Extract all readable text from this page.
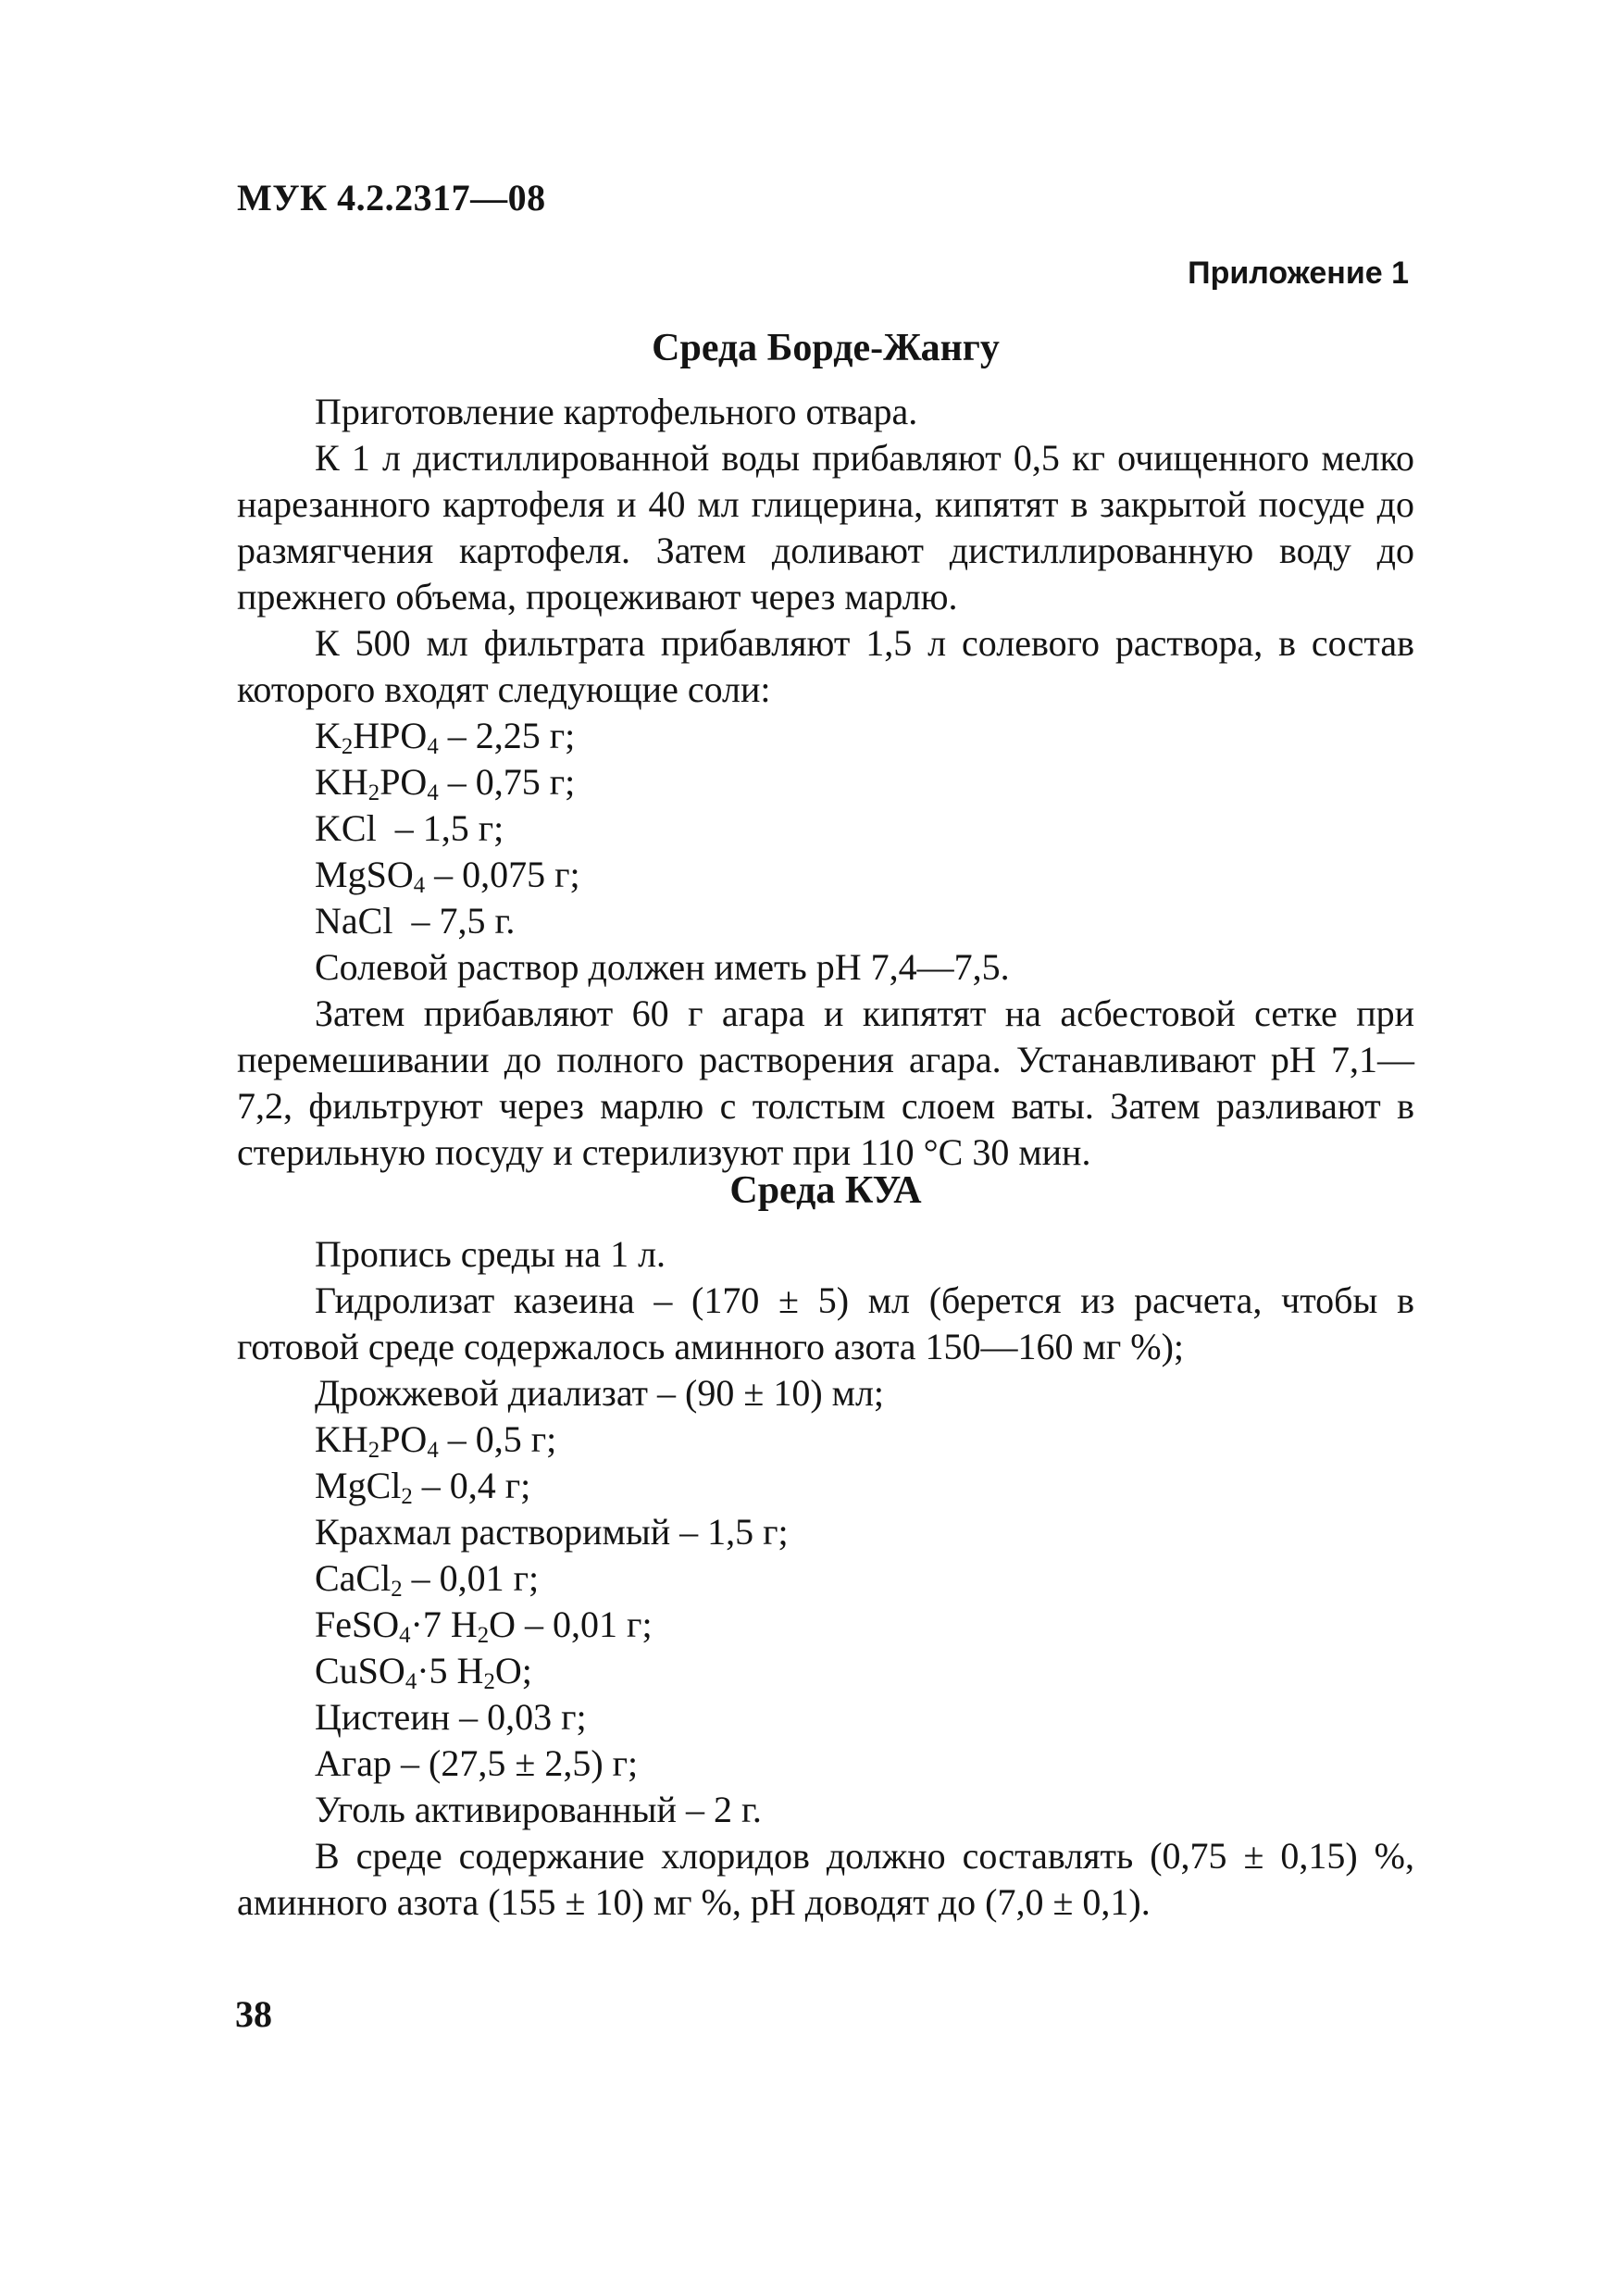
МУК 4.2.2317—08

Приложение 1

Среда Борде-Жангу

Приготовление картофельного отвара.

К 1 л дистиллированной воды прибавляют 0,5 кг очищенного мелко нарезанного картофеля и 40 мл глицерина, кипятят в закрытой посуде до размягчения картофеля. Затем доливают дистиллированную воду до прежнего объема, процеживают через марлю.

К 500 мл фильтрата прибавляют 1,5 л солевого раствора, в состав которого входят следующие соли:

$K_2HPO_4 - 2,25$ г;
$KH_2PO_4 - 0,75$ г;
KCl  – 1,5 г;
MgSO$_4$ – 0,075 г;
NaCl  – 7,5 г.

Солевой раствор должен иметь pH 7,4—7,5.

Затем прибавляют 60 г агара и кипятят на асбестовой сетке при перемешивании до полного растворения агара. Устанавливают pH 7,1—7,2, фильтруют через марлю с толстым слоем ваты. Затем разливают в стерильную посуду и стерилизуют при 110 °С 30 мин.

Среда КУА

Пропись среды на 1 л.

Гидролизат казеина – (170 ± 5) мл (берется из расчета, чтобы в готовой среде содержалось аминного азота 150—160 мг %);

Дрожжевой диализат – (90 ± 10) мл;
$KH_2PO_4 - 0,5$ г;
MgCl$_2$ – 0,4 г;
Крахмал растворимый – 1,5 г;
CaCl$_2$ – 0,01 г;
FeSO$_4$·7 $H_2O - 0,01$ г;
CuSO$_4$·5 $H_2O$;
Цистеин – 0,03 г;
Агар – (27,5 ± 2,5) г;
Уголь активированный – 2 г.

В среде содержание хлоридов должно составлять (0,75 ± 0,15) %, аминного азота (155 ± 10) мг %, pH доводят до (7,0 ± 0,1).

38
